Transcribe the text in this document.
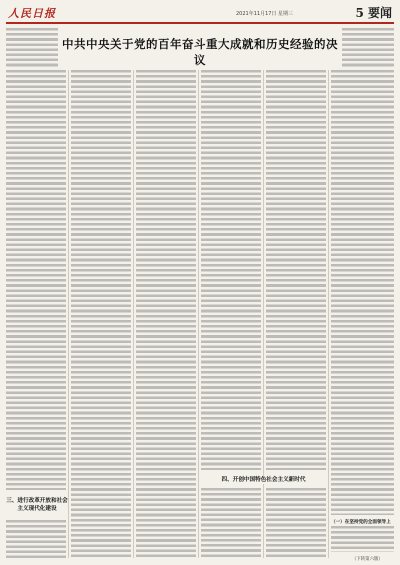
人民日报	2021年11月17日 星期三	5 要闻
中共中央关于党的百年奋斗重大成就和历史经验的决议
三、进行改革开放和社会主义现代化建设
四、开创中国特色社会主义新时代
（一）在坚持党的全面领导上
（下转第六版）
